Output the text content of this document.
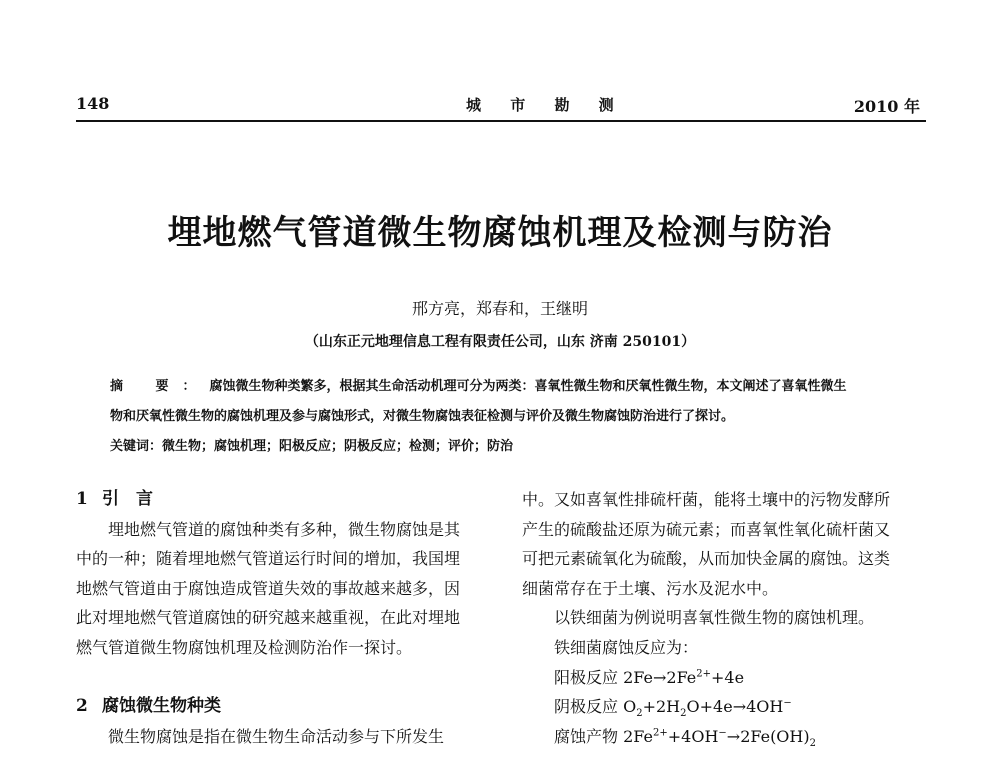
148	城 市 勘 测	2010 年
埋地燃气管道微生物腐蚀机理及检测与防治
邢方亮，郑春和，王继明
（山东正元地理信息工程有限责任公司，山东 济南 250101）
摘 要：腐蚀微生物种类繁多，根据其生命活动机理可分为两类：喜氧性微生物和厌氧性微生物，本文阐述了喜氧性微生
物和厌氧性微生物的腐蚀机理及参与腐蚀形式，对微生物腐蚀表征检测与评价及微生物腐蚀防治进行了探讨。
关键词：微生物；腐蚀机理；阳极反应；阴极反应；检测；评价；防治
1 引　言
埋地燃气管道的腐蚀种类有多种，微生物腐蚀是其
中的一种；随着埋地燃气管道运行时间的增加，我国埋
地燃气管道由于腐蚀造成管道失效的事故越来越多，因
此对埋地燃气管道腐蚀的研究越来越重视，在此对埋地
燃气管道微生物腐蚀机理及检测防治作一探讨。
2 腐蚀微生物种类
微生物腐蚀是指在微生物生命活动参与下所发生
中。又如喜氧性排硫杆菌，能将土壤中的污物发酵所
产生的硫酸盐还原为硫元素；而喜氧性氧化硫杆菌又
可把元素硫氧化为硫酸，从而加快金属的腐蚀。这类
细菌常存在于土壤、污水及泥水中。
以铁细菌为例说明喜氧性微生物的腐蚀机理。
铁细菌腐蚀反应为：
阳极反应 $2Fe\to 2Fe^{2+}+4e$
阴极反应 $O_2+2H_2O+4e\to 4OH^-$
腐蚀产物 $2Fe^{2+}+4OH^-\to 2Fe(OH)_2$
